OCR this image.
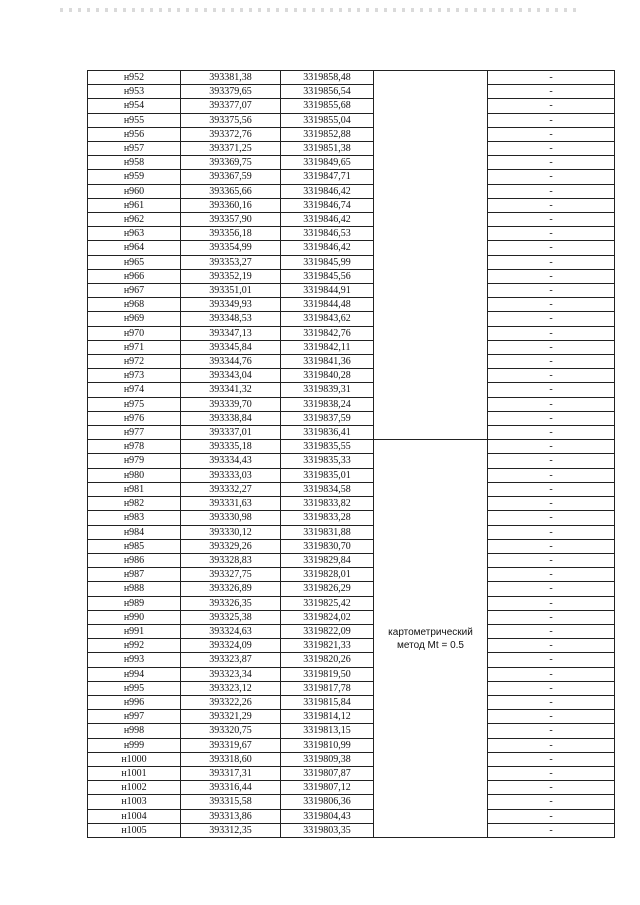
н952	393381,38	3319858,48		-
н953	393379,65	3319856,54		-
н954	393377,07	3319855,68		-
н955	393375,56	3319855,04		-
н956	393372,76	3319852,88		-
н957	393371,25	3319851,38		-
н958	393369,75	3319849,65		-
н959	393367,59	3319847,71		-
н960	393365,66	3319846,42		-
н961	393360,16	3319846,74		-
н962	393357,90	3319846,42		-
н963	393356,18	3319846,53		-
н964	393354,99	3319846,42		-
н965	393353,27	3319845,99		-
н966	393352,19	3319845,56		-
н967	393351,01	3319844,91		-
н968	393349,93	3319844,48		-
н969	393348,53	3319843,62		-
н970	393347,13	3319842,76		-
н971	393345,84	3319842,11		-
н972	393344,76	3319841,36		-
н973	393343,04	3319840,28		-
н974	393341,32	3319839,31		-
н975	393339,70	3319838,24		-
н976	393338,84	3319837,59		-
н977	393337,01	3319836,41		-
н978	393335,18	3319835,55	картометрический
метод Mt = 0.5	-
н979	393334,43	3319835,33		-
н980	393333,03	3319835,01		-
н981	393332,27	3319834,58		-
н982	393331,63	3319833,82		-
н983	393330,98	3319833,28		-
н984	393330,12	3319831,88		-
н985	393329,26	3319830,70		-
н986	393328,83	3319829,84		-
н987	393327,75	3319828,01		-
н988	393326,89	3319826,29		-
н989	393326,35	3319825,42		-
н990	393325,38	3319824,02		-
н991	393324,63	3319822,09		-
н992	393324,09	3319821,33		-
н993	393323,87	3319820,26		-
н994	393323,34	3319819,50		-
н995	393323,12	3319817,78		-
н996	393322,26	3319815,84		-
н997	393321,29	3319814,12		-
н998	393320,75	3319813,15		-
н999	393319,67	3319810,99		-
н1000	393318,60	3319809,38		-
н1001	393317,31	3319807,87		-
н1002	393316,44	3319807,12		-
н1003	393315,58	3319806,36		-
н1004	393313,86	3319804,43		-
н1005	393312,35	3319803,35		-
